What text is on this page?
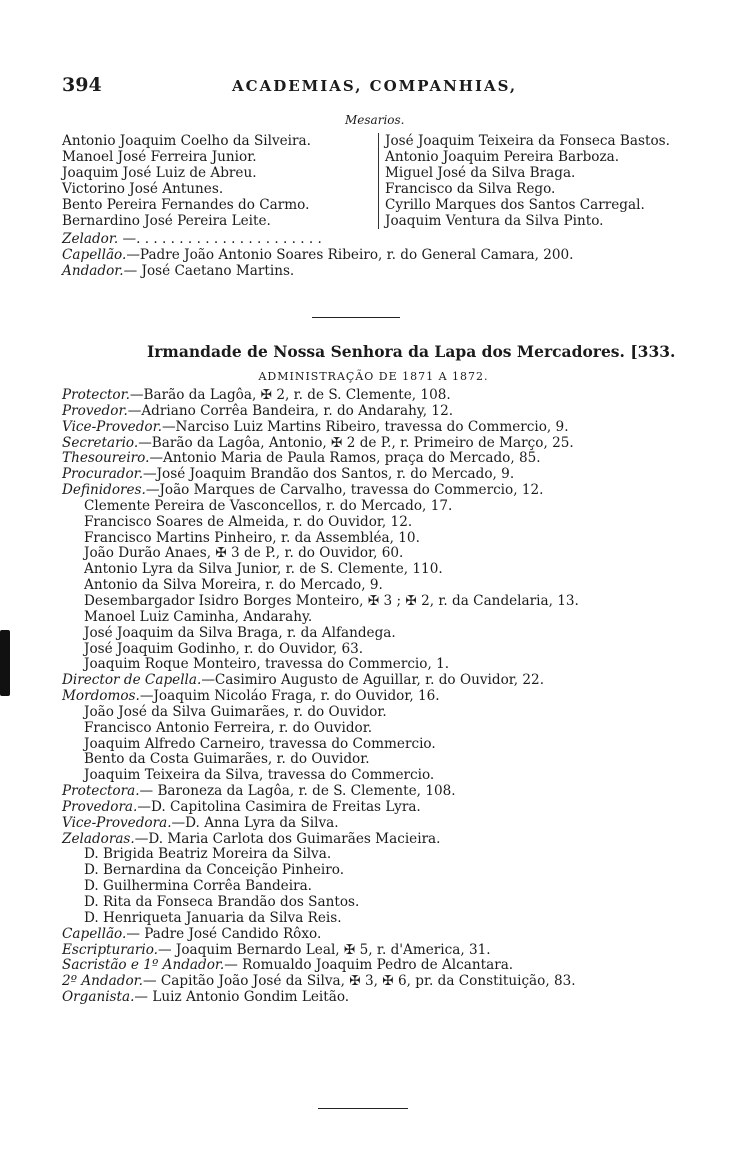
394	ACADEMIAS, COMPANHIAS,
Mesarios.
Antonio Joaquim Coelho da Silveira.
Manoel José Ferreira Junior.
Joaquim José Luiz de Abreu.
Victorino José Antunes.
Bento Pereira Fernandes do Carmo.
Bernardino José Pereira Leite.
José Joaquim Teixeira da Fonseca Bastos.
Antonio Joaquim Pereira Barboza.
Miguel José da Silva Braga.
Francisco da Silva Rego.
Cyrillo Marques dos Santos Carregal.
Joaquim Ventura da Silva Pinto.
Zelador. —. . . . . . . . . . . . . . . . . . . . . .
Capellão.—Padre João Antonio Soares Ribeiro, r. do General Camara, 200.
Andador.— José Caetano Martins.
Irmandade de Nossa Senhora da Lapa dos Mercadores. [333.
ADMINISTRAÇÃO DE 1871 A 1872.
Protector.—Barão da Lagôa, ✠ 2, r. de S. Clemente, 108.
Provedor.—Adriano Corrêa Bandeira, r. do Andarahy, 12.
Vice-Provedor.—Narciso Luiz Martins Ribeiro, travessa do Commercio, 9.
Secretario.—Barão da Lagôa, Antonio, ✠ 2 de P., r. Primeiro de Março, 25.
Thesoureiro.—Antonio Maria de Paula Ramos, praça do Mercado, 85.
Procurador.—José Joaquim Brandão dos Santos, r. do Mercado, 9.
Definidores.—João Marques de Carvalho, travessa do Commercio, 12.
Clemente Pereira de Vasconcellos, r. do Mercado, 17.
Francisco Soares de Almeida, r. do Ouvidor, 12.
Francisco Martins Pinheiro, r. da Assembléa, 10.
João Durão Anaes, ✠ 3 de P., r. do Ouvidor, 60.
Antonio Lyra da Silva Junior, r. de S. Clemente, 110.
Antonio da Silva Moreira, r. do Mercado, 9.
Desembargador Isidro Borges Monteiro, ✠ 3 ; ✠ 2, r. da Candelaria, 13.
Manoel Luiz Caminha, Andarahy.
José Joaquim da Silva Braga, r. da Alfandega.
José Joaquim Godinho, r. do Ouvidor, 63.
Joaquim Roque Monteiro, travessa do Commercio, 1.
Director de Capella.—Casimiro Augusto de Aguillar, r. do Ouvidor, 22.
Mordomos.—Joaquim Nicoláo Fraga, r. do Ouvidor, 16.
João José da Silva Guimarães, r. do Ouvidor.
Francisco Antonio Ferreira, r. do Ouvidor.
Joaquim Alfredo Carneiro, travessa do Commercio.
Bento da Costa Guimarães, r. do Ouvidor.
Joaquim Teixeira da Silva, travessa do Commercio.
Protectora.— Baroneza da Lagôa, r. de S. Clemente, 108.
Provedora.—D. Capitolina Casimira de Freitas Lyra.
Vice-Provedora.—D. Anna Lyra da Silva.
Zeladoras.—D. Maria Carlota dos Guimarães Macieira.
D. Brigida Beatriz Moreira da Silva.
D. Bernardina da Conceição Pinheiro.
D. Guilhermina Corrêa Bandeira.
D. Rita da Fonseca Brandão dos Santos.
D. Henriqueta Januaria da Silva Reis.
Capellão.— Padre José Candido Rôxo.
Escripturario.— Joaquim Bernardo Leal, ✠ 5, r. d'America, 31.
Sacristão e 1º Andador.— Romualdo Joaquim Pedro de Alcantara.
2º Andador.— Capitão João José da Silva, ✠ 3, ✠ 6, pr. da Constituição, 83.
Organista.— Luiz Antonio Gondim Leitão.
